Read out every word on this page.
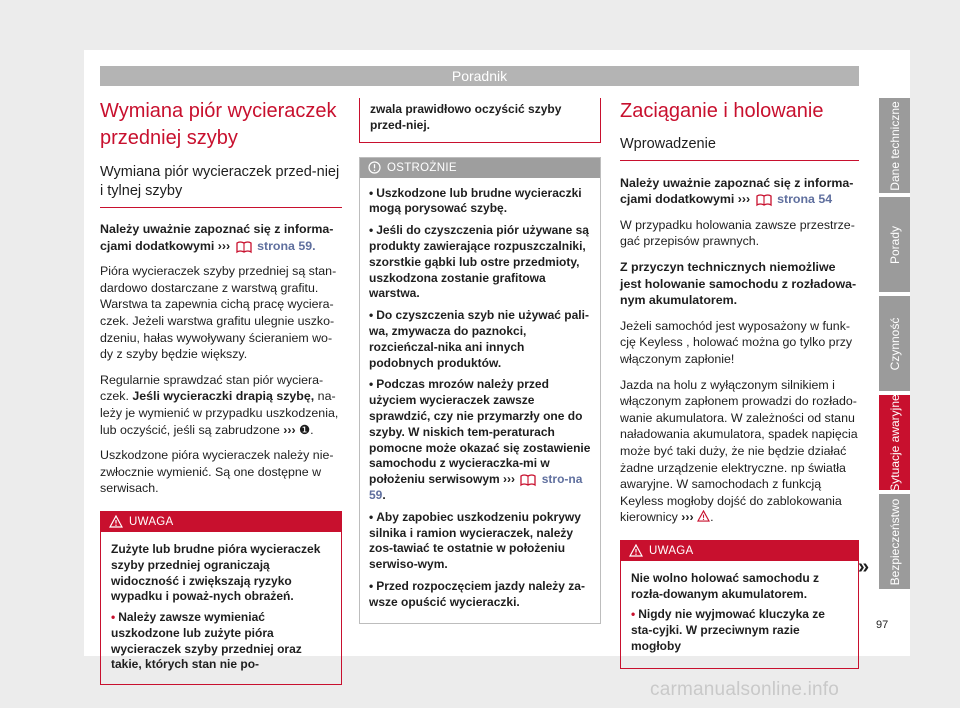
Poradnik
Wymiana piór wycieraczek przedniej szyby
Wymiana piór wycieraczek przed-niej i tylnej szyby

Należy uważnie zapoznać się z informa-cjami dodatkowymi ››› strona 59.

Pióra wycieraczek szyby przedniej są stan-dardowo dostarczane z warstwą grafitu. Warstwa ta zapewnia cichą pracę wyciera-czek. Jeżeli warstwa grafitu ulegnie uszko-dzeniu, hałas wywoływany ścieraniem wo-dy z szyby będzie większy.

Regularnie sprawdzać stan piór wyciera-czek. Jeśli wycieraczki drapią szybę, na-leży je wymienić w przypadku uszkodzenia, lub oczyścić, jeśli są zabrudzone ››› ❶.

Uszkodzone pióra wycieraczek należy nie-zwłocznie wymienić. Są one dostępne w serwisach.

UWAGA

Zużyte lub brudne pióra wycieraczek szyby przedniej ograniczają widoczność i zwiększają ryzyko wypadku i poważ-nych obrażeń.

• Należy zawsze wymieniać uszkodzone lub zużyte pióra wycieraczek szyby przedniej oraz takie, których stan nie po-

zwala prawidłowo oczyścić szyby przed-niej.
OSTROŻNIE

• Uszkodzone lub brudne wycieraczki mogą porysować szybę.

• Jeśli do czyszczenia piór używane są produkty zawierające rozpuszczalniki, szorstkie gąbki lub ostre przedmioty, uszkodzona zostanie grafitowa warstwa.

• Do czyszczenia szyb nie używać pali-wa, zmywacza do paznokci, rozcieńczal-nika ani innych podobnych produktów.

• Podczas mrozów należy przed użyciem wycieraczek zawsze sprawdzić, czy nie przymarzły one do szyby. W niskich tem-peraturach pomocne może okazać się zostawienie samochodu z wycieraczka-mi w położeniu serwisowym ››› stro-na 59.

• Aby zapobiec uszkodzeniu pokrywy silnika i ramion wycieraczek, należy zos-tawiać te ostatnie w położeniu serwiso-wym.

• Przed rozpoczęciem jazdy należy za-wsze opuścić wycieraczki.

Zaciąganie i holowanie
Wprowadzenie

Należy uważnie zapoznać się z informa-cjami dodatkowymi ››› strona 54

W przypadku holowania zawsze przestrze-gać przepisów prawnych.

Z przyczyn technicznych niemożliwe jest holowanie samochodu z rozładowa-nym akumulatorem.

Jeżeli samochód jest wyposażony w funk-cję Keyless , holować można go tylko przy włączonym zapłonie!

Jazda na holu z wyłączonym silnikiem i włączonym zapłonem prowadzi do rozłado-wanie akumulatora. W zależności od stanu naładowania akumulatora, spadek napięcia może być taki duży, że nie będzie działać żadne urządzenie elektryczne. np światła awaryjne. W samochodach z funkcją Keyless mogłoby dojść do zablokowania kierownicy ››› .

UWAGA

Nie wolno holować samochodu z rozła-dowanym akumulatorem.

• Nigdy nie wyjmować kluczyka ze sta-cyjki. W przeciwnym razie mogłoby

»
Dane techniczne
Porady
Czynność
Sytuacje awaryjne
Bezpieczeństwo
97
carmanualsonline.info
